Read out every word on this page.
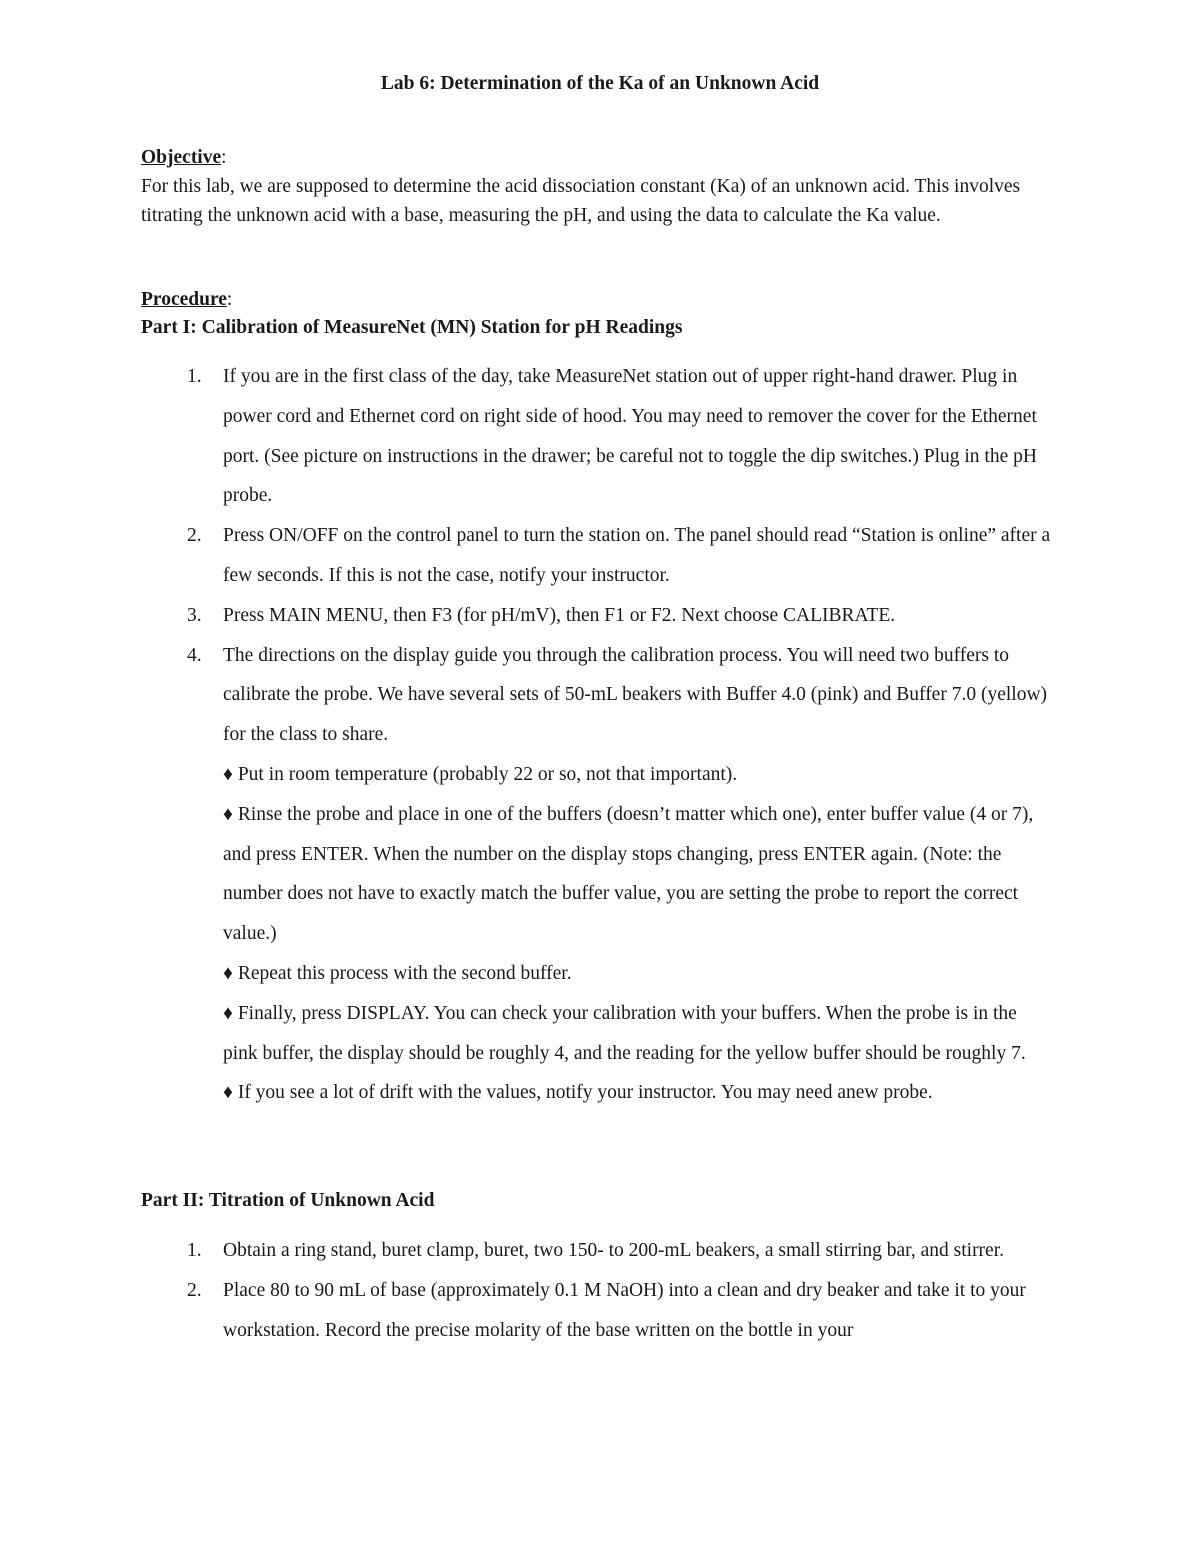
Lab 6: Determination of the Ka of an Unknown Acid
Objective:

For this lab, we are supposed to determine the acid dissociation constant (Ka) of an unknown acid. This involves titrating the unknown acid with a base, measuring the pH, and using the data to calculate the Ka value.

Procedure:
Part I: Calibration of MeasureNet (MN) Station for pH Readings
1. If you are in the first class of the day, take MeasureNet station out of upper right-hand drawer. Plug in power cord and Ethernet cord on right side of hood. You may need to remover the cover for the Ethernet port. (See picture on instructions in the drawer; be careful not to toggle the dip switches.) Plug in the pH probe.
2. Press ON/OFF on the control panel to turn the station on. The panel should read “Station is online” after a few seconds. If this is not the case, notify your instructor.
3. Press MAIN MENU, then F3 (for pH/mV), then F1 or F2. Next choose CALIBRATE.
4. The directions on the display guide you through the calibration process. You will need two buffers to calibrate the probe. We have several sets of 50-mL beakers with Buffer 4.0 (pink) and Buffer 7.0 (yellow) for the class to share.
♦ Put in room temperature (probably 22 or so, not that important).
♦ Rinse the probe and place in one of the buffers (doesn’t matter which one), enter buffer value (4 or 7), and press ENTER. When the number on the display stops changing, press ENTER again. (Note: the number does not have to exactly match the buffer value, you are setting the probe to report the correct value.)
♦ Repeat this process with the second buffer.
♦ Finally, press DISPLAY. You can check your calibration with your buffers. When the probe is in the pink buffer, the display should be roughly 4, and the reading for the yellow buffer should be roughly 7.
♦ If you see a lot of drift with the values, notify your instructor. You may need anew probe.
Part II: Titration of Unknown Acid
1. Obtain a ring stand, buret clamp, buret, two 150- to 200-mL beakers, a small stirring bar, and stirrer.
2. Place 80 to 90 mL of base (approximately 0.1 M NaOH) into a clean and dry beaker and take it to your workstation. Record the precise molarity of the base written on the bottle in your
